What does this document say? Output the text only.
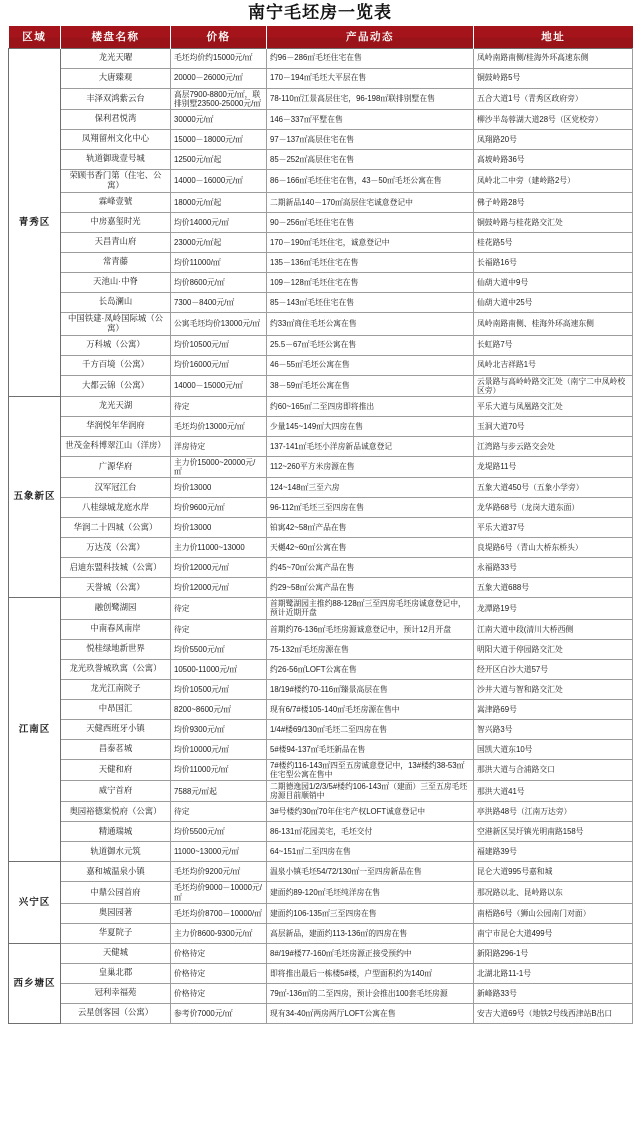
南宁毛坯房一览表
区域	楼盘名称	价格	产品动态	地址
青秀区	龙光天曜	毛坯均价约15000元/㎡	约96－286㎡毛坯住宅在售	凤岭南路南侧/桂海外环高速东侧
	大唐臻观	20000－26000元/㎡	170－194㎡毛坯大平层在售	铜鼓岭路5号
	丰泽双鸿紫云台	高层7900-8800元/㎡，联排别墅23500-25000元/㎡	78-110㎡江景高层住宅，96-198㎡联排别墅在售	五合大道1号（青秀区政府旁）
	保利君悦湾	30000元/㎡	146－337㎡平墅在售	柳沙半岛蓉湖大道28号（区党校旁）
	凤翔留州文化中心	15000－18000元/㎡	97－137㎡高层住宅在售	凤翔路20号
	轨道御珑壹号城	12500元/㎡起	85－252㎡高层住宅在售	高坡岭路36号
	荣顾书香门第（住宅、公寓）	14000－16000元/㎡	86－166㎡毛坯住宅在售，43－50㎡毛坯公寓在售	凤岭北二中旁（建岭路2号）
	霖峰壹號	18000元/㎡起	二期新品140－170㎡高层住宅诚意登记中	佛子岭路28号
	中房嘉玺时光	均价14000元/㎡	90－256㎡毛坯住宅在售	铜鼓岭路与桂花路交汇处
	天昌青山府	23000元/㎡起	170－190㎡毛坯住宅，诚意登记中	桂花路5号
	常青藤	均价11000/㎡	135－136㎡毛坯住宅在售	长福路16号
	天池山·中脊	均价8600元/㎡	109－128㎡毛坯住宅在售	仙葫大道中9号
	长岛澜山	7300－8400元/㎡	85－143㎡毛坯住宅在售	仙葫大道中25号
	中国铁建·凤岭国际城（公寓）	公寓毛坯均价13000元/㎡	约33㎡商住毛坯公寓在售	凤岭南路南侧、桂海外环高速东侧
	万科城（公寓）	均价10500元/㎡	25.5－67㎡毛坯公寓在售	长虹路7号
	千方百境（公寓）	均价16000元/㎡	46－55㎡毛坯公寓在售	凤岭北吉祥路1号
	大都云锦（公寓）	14000－15000元/㎡	38－59㎡毛坯公寓在售	云景路与高岭岭路交汇处（南宁二中凤岭校区旁）
五象新区	龙光天湖	待定	约60~165㎡二至四房即将推出	平乐大道与凤凰路交汇处
	华润悦年华润府	毛坯均价13000元/㎡	少量145~149㎡大四房在售	玉洞大道70号
	世茂金科博翠江山（洋房）	洋房待定	137-141㎡毛坯小洋房新品诚意登记	江湾路与步云路交会处
	广源华府	主力价15000~20000元/㎡	112~260平方米房源在售	龙堤路11号
	汉军冠江台	均价13000	124~148㎡三至六房	五象大道450号（五象小学旁）
	八桂绿城龙庭水岸	均价9600元/㎡	96-112㎡毛坯三至四房在售	龙华路68号（龙岗大道东面）
	华润二十四城（公寓）	均价13000	铂寓42~58㎡产品在售	平乐大道37号
	万达茂（公寓）	主力价11000~13000	天樾42~60㎡公寓在售	良堤路6号（青山大桥东桥头）
	启迪东盟科技城（公寓）	均价12000元/㎡	约45~70㎡公寓产品在售	永福路33号
	天誉城（公寓）	均价12000元/㎡	约29~58㎡公寓产品在售	五象大道688号
江南区	融创鹭湖园	待定	首期鹭湖园主推约88-128㎡三至四房毛坯房诚意登记中，预计近期开盘	龙潭路19号
	中南春风南岸	待定	首期约76-136㎡毛坯房源诚意登记中，预计12月开盘	江南大道中段(清川大桥西侧
	悦桂绿地新世界	均价5500元/㎡	75-132㎡毛坯房源在售	明阳大道于停园路交汇处
	龙光玖誉城玖寓（公寓）	10500-11000元/㎡	约26-56㎡LOFT公寓在售	经开区白沙大道57号
	龙光江南院子	均价10500元/㎡	18/19#楼约70-116㎡臻景高层在售	沙井大道与智和路交汇处
	中昂国汇	8200~8600元/㎡	现有6/7#楼105-140㎡毛坯房源在售中	嵩津路69号
	天健西班牙小镇	均价9300元/㎡	1/4#楼69/130㎡毛坯二至四房在售	智兴路3号
	昌泰茗城	均价10000元/㎡	5#楼94-137㎡毛坯新品在售	国凯大道东10号
	天健和府	均价11000元/㎡	7#楼约116-143㎡四至五房诚意登记中，13#楼约38-53㎡住宅型公寓在售中	那洪大道与合浦路交口
	威宁首府	7588元/㎡起	二期德逸园1/2/3/5#楼约106-143㎡（建面）三至五房毛坯房源目前顺销中	那洪大道41号
	奥园裕德棠悦府（公寓）	待定	3#号楼约30㎡70年住宅产权LOFT诚意登记中	亭洪路48号（江南万达旁）
	精通瑞城	均价5500元/㎡	86-131㎡花园美宅，毛坯交付	空港新区吴圩镇光明南路158号
	轨道御水元筑	11000~13000元/㎡	64~151㎡二至四房在售	福建路39号
兴宁区	嘉和城温泉小镇	毛坯均价9200元/㎡	温泉小镇毛坯54/72/130㎡一至四房新品在售	昆仑大道995号嘉和城
	中鼎公园首府	毛坯均价9000－10000元/㎡	建面约89-120㎡毛坯纯洋房在售	那况路以北、昆岭路以东
	奥园园著	毛坯均价8700－10000/㎡	建面约106-135㎡三至四房在售	南梧路6号（狮山公园南门对面）
	华夏院子	主力价8600-9300元/㎡	高层新品，建面约113-136㎡的四房在售	南宁市昆仑大道499号
西乡塘区	天健城	价格待定	8#/19#楼77-160㎡毛坯房源正接受预约中	新阳路296-1号
	皇巢北郡	价格待定	即将推出最后一栋楼5#楼，户型面积约为140㎡	北湖北路11-1号
	冠利幸福苑	价格待定	79㎡-136㎡的二至四房，预计会推出100套毛坯房源	新峰路33号
	云星创客园（公寓）	参考价7000元/㎡	现有34-40㎡两房两厅LOFT公寓在售	安吉大道69号（地铁2号线西津站B出口
